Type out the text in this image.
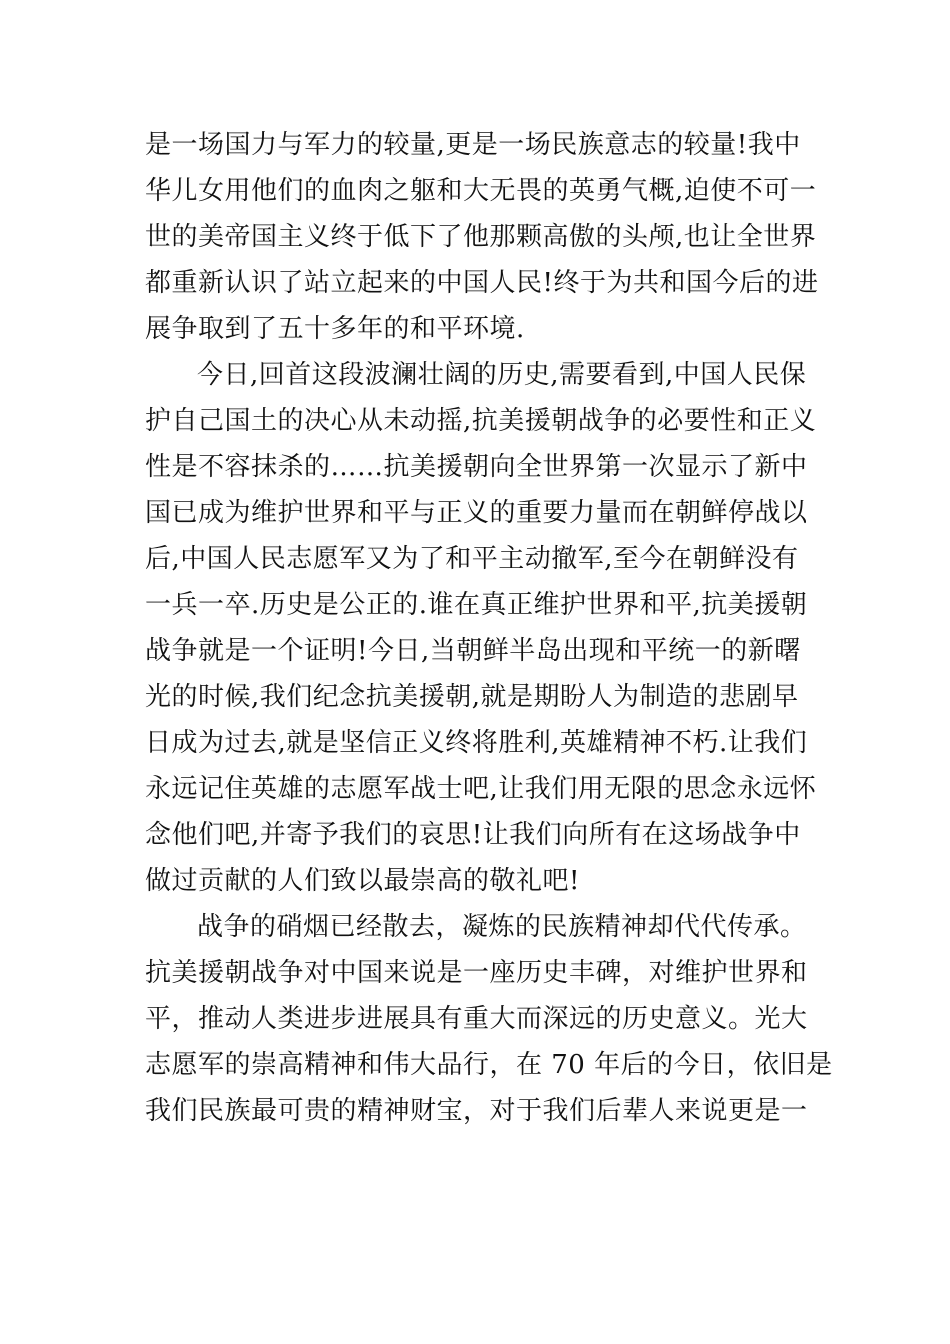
是一场国力与军力的较量,更是一场民族意志的较量!我中
华儿女用他们的血肉之躯和大无畏的英勇气概,迫使不可一
世的美帝国主义终于低下了他那颗高傲的头颅,也让全世界
都重新认识了站立起来的中国人民!终于为共和国今后的进
展争取到了五十多年的和平环境.
今日,回首这段波澜壮阔的历史,需要看到,中国人民保
护自己国土的决心从未动摇,抗美援朝战争的必要性和正义
性是不容抹杀的……抗美援朝向全世界第一次显示了新中
国已成为维护世界和平与正义的重要力量而在朝鲜停战以
后,中国人民志愿军又为了和平主动撤军,至今在朝鲜没有
一兵一卒.历史是公正的.谁在真正维护世界和平,抗美援朝
战争就是一个证明!今日,当朝鲜半岛出现和平统一的新曙
光的时候,我们纪念抗美援朝,就是期盼人为制造的悲剧早
日成为过去,就是坚信正义终将胜利,英雄精神不朽.让我们
永远记住英雄的志愿军战士吧,让我们用无限的思念永远怀
念他们吧,并寄予我们的哀思!让我们向所有在这场战争中
做过贡献的人们致以最崇高的敬礼吧!
战争的硝烟已经散去，凝炼的民族精神却代代传承。
抗美援朝战争对中国来说是一座历史丰碑，对维护世界和
平，推动人类进步进展具有重大而深远的历史意义。光大
志愿军的崇高精神和伟大品行，在 70 年后的今日，依旧是
我们民族最可贵的精神财宝，对于我们后辈人来说更是一
